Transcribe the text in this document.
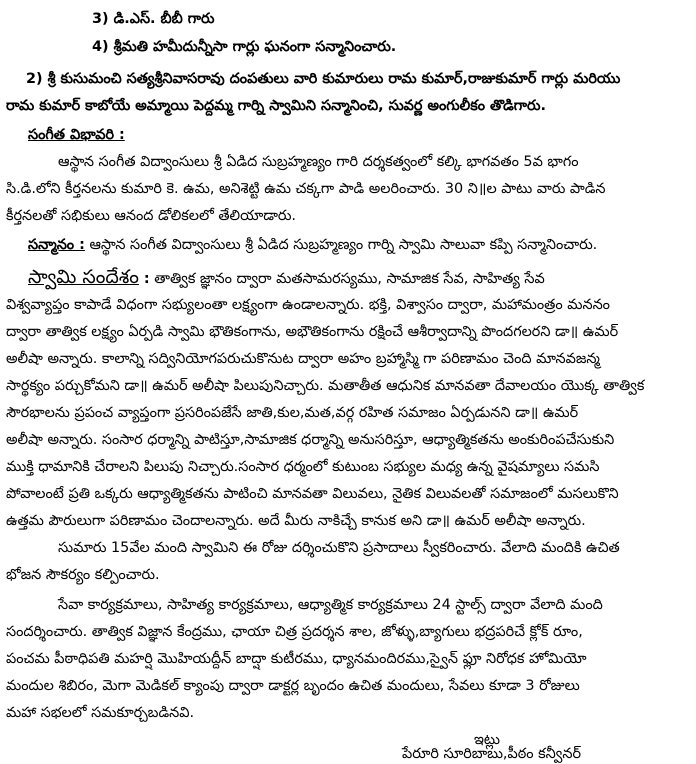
3) డి.ఎస్. బీబీ గారు
4) శ్రీమతి హమీదున్నీసా గార్లు ఘనంగా సన్మానించారు.
2) శ్రీ కుసుమంచి సత్యశ్రీనివాసరావు దంపతులు వారి కుమారులు రామ కుమార్,రాజుకుమార్ గార్లు మరియు
రామ కుమార్ కాబోయే అమ్మాయి పెద్దమ్మ గార్ని స్వామిని సన్మానించి, సువర్ణ అంగులీకం తొడిగారు.
సంగీత విభావరి :
ఆస్థాన సంగీత విద్వాంసులు శ్రీ ఏడిద సుబ్రహ్మణ్యం గారి దర్శకత్వంలో కల్కి భాగవతం 5వ భాగం
సి.డి.లోని కీర్తనలను కుమారి కె. ఉమ, అనిశెట్టి ఉమ చక్కగా పాడి అలరించారు. 30 ని॥ల పాటు వారు పాడిన
కీర్తనలతో సభికులు ఆనంద డోలికలలో తేలియాడారు.
సన్మానం : ఆస్థాన సంగీత విద్వాంసులు శ్రీ ఏడిద సుబ్రహ్మణ్యం గార్ని స్వామి సాలువా కప్పి సన్మానించారు.
స్వామి సందేశం : తాత్విక జ్ఞానం ద్వారా మతసామరస్యము, సామాజిక సేవ, సాహిత్య సేవ
విశ్వవ్యాప్తం కాపాడే విధంగా సభ్యులంతా లక్ష్యంగా ఉండాలన్నారు. భక్తి, విశ్వాసం ద్వారా, మహామంత్రం మననం
ద్వారా తాత్విక లక్ష్యం ఏర్పడి స్వామి భౌతికంగాను, అభౌతికంగాను రక్షించే ఆశీర్వాదాన్ని పొందగలరని డా॥ ఉమర్
అలీషా అన్నారు. కాలాన్ని సద్వినియోగపరుచుకొనుట ద్వారా అహం బ్రహ్మాస్మి గా పరిణామం చెంది మానవజన్మ
సార్థక్యం పర్చుకోమని డా॥ ఉమర్ అలీషా పిలుపునిచ్చారు. మతాతీత ఆధునిక మానవతా దేవాలయం యొక్క తాత్విక
సౌరభాలను ప్రపంచ వ్యాప్తంగా ప్రసరింపజేసే జాతి,కుల,మత,వర్గ రహిత సమాజం ఏర్పడునని డా॥ ఉమర్
అలీషా అన్నారు. సంసార ధర్మాన్ని పాటిస్తూ,సామాజిక ధర్మాన్ని అనుసరిస్తూ, ఆధ్యాత్మికతను అంకురింపచేసుకుని
ముక్తి ధామానికి చేరాలని పిలుపు నిచ్చారు.సంసార ధర్మంలో కుటుంబ సభ్యుల మధ్య ఉన్న వైషమ్యాలు సమసి
పోవాలంటే ప్రతి ఒక్కరు ఆధ్యాత్మికతను పాటించి మానవతా విలువలు, నైతిక విలువలతో సమాజంలో మసలుకొని
ఉత్తమ పౌరులుగా పరిణామం చెందాలన్నారు. అదే మీరు నాకిచ్చే కానుక అని డా॥ ఉమర్ అలీషా అన్నారు.
సుమారు 15వేల మంది స్వామిని ఈ రోజు దర్శించుకొని ప్రసాదాలు స్వీకరించారు. వేలాది మందికి ఉచిత
భోజన సౌకర్యం కల్పించారు.
సేవా కార్యక్రమాలు, సాహిత్య కార్యక్రమాలు, ఆధ్యాత్మిక కార్యక్రమాలు 24 స్టాల్స్ ద్వారా వేలాది మంది
సందర్శించారు. తాత్విక విజ్ఞాన కేంద్రము, ఛాయా చిత్ర ప్రదర్శన శాల, జోళ్ళు,బ్యాగులు భద్రపరిచే క్లోక్ రూం,
పంచమ పీఠాధిపతి మహర్షి మొహియద్దీన్ బాద్షా కుటీరము, ధ్యానమందిరము,స్వైన్ ఫ్లూ నిరోధక హోమియో
మందుల శిబిరం, మెగా మెడికల్ క్యాంపు ద్వారా డాక్టర్ల బృందం ఉచిత మందులు, సేవలు కూడా 3 రోజులు
మహా సభలలో సమకూర్చబడినవి.
ఇట్లు
పేరూరి సూరిబాబు,పీఠం కన్వీనర్
